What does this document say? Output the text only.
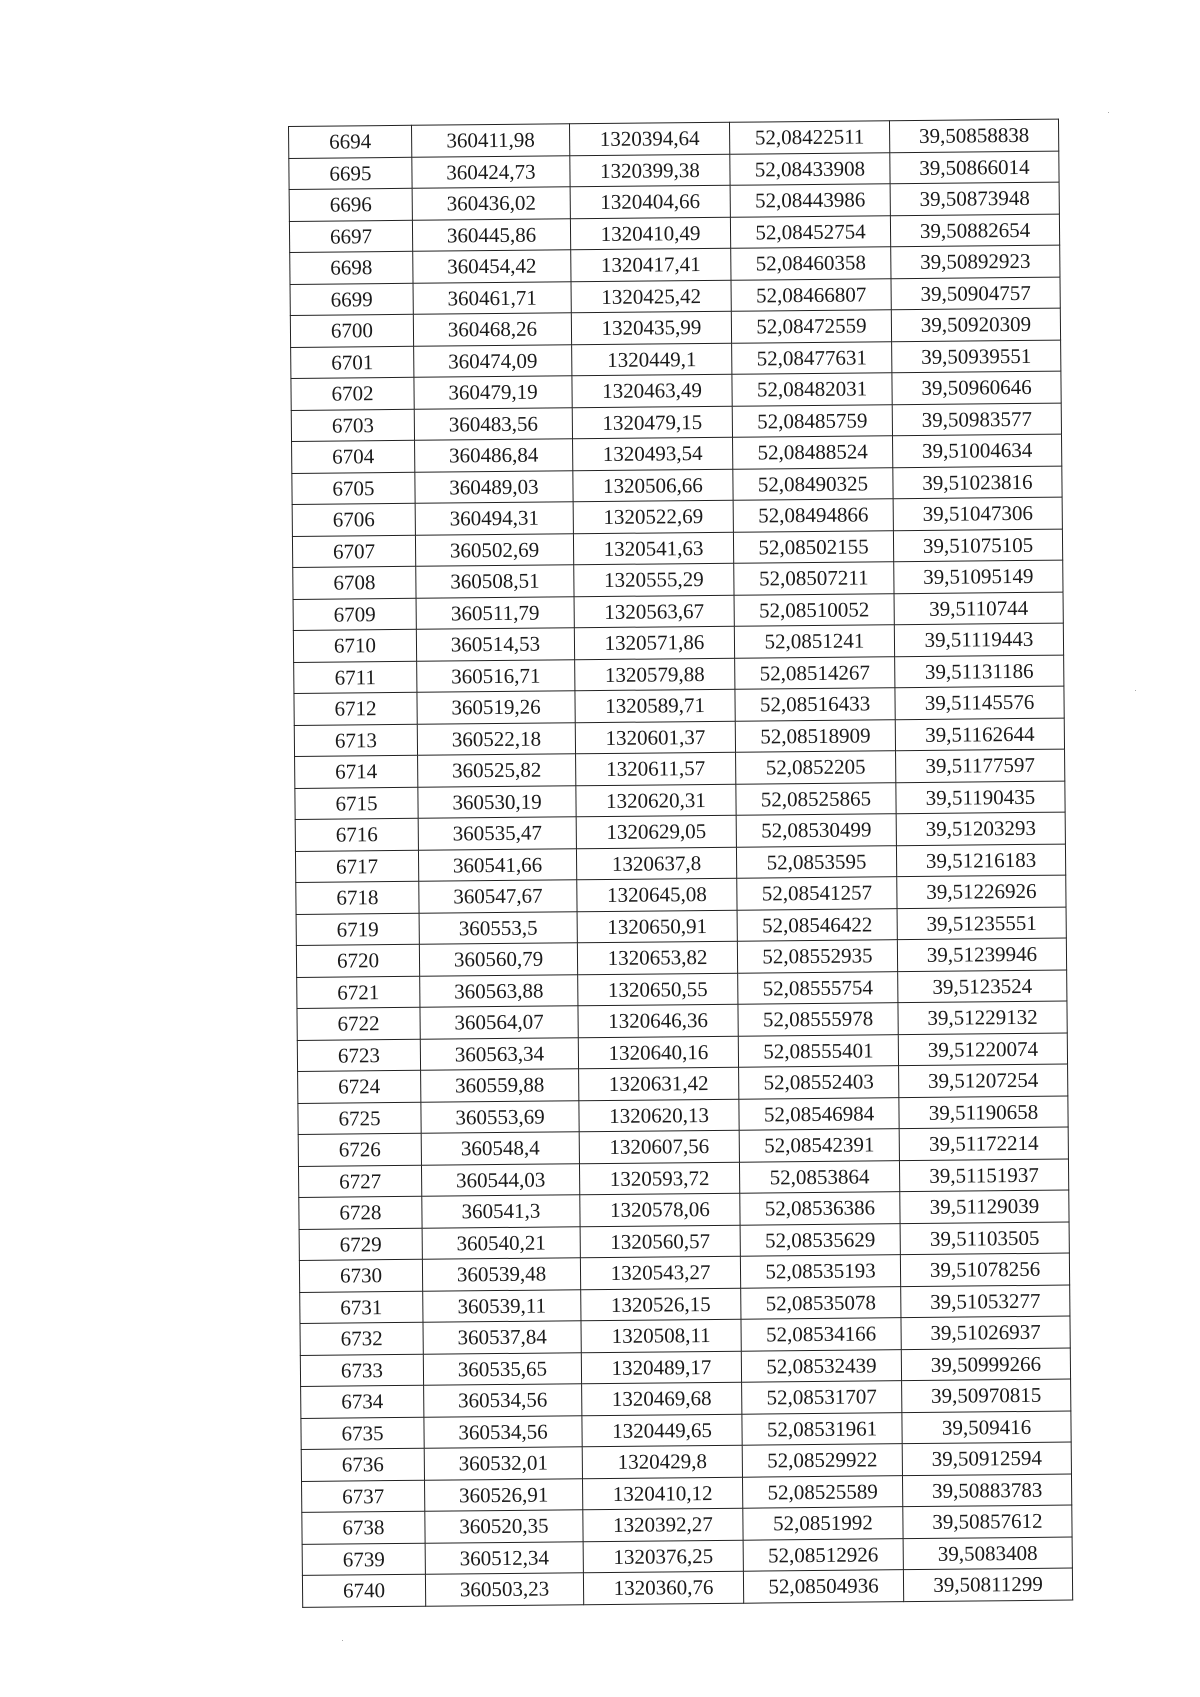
6694	360411,98	1320394,64	52,08422511	39,50858838
6695	360424,73	1320399,38	52,08433908	39,50866014
6696	360436,02	1320404,66	52,08443986	39,50873948
6697	360445,86	1320410,49	52,08452754	39,50882654
6698	360454,42	1320417,41	52,08460358	39,50892923
6699	360461,71	1320425,42	52,08466807	39,50904757
6700	360468,26	1320435,99	52,08472559	39,50920309
6701	360474,09	1320449,1	52,08477631	39,50939551
6702	360479,19	1320463,49	52,08482031	39,50960646
6703	360483,56	1320479,15	52,08485759	39,50983577
6704	360486,84	1320493,54	52,08488524	39,51004634
6705	360489,03	1320506,66	52,08490325	39,51023816
6706	360494,31	1320522,69	52,08494866	39,51047306
6707	360502,69	1320541,63	52,08502155	39,51075105
6708	360508,51	1320555,29	52,08507211	39,51095149
6709	360511,79	1320563,67	52,08510052	39,5110744
6710	360514,53	1320571,86	52,0851241	39,51119443
6711	360516,71	1320579,88	52,08514267	39,51131186
6712	360519,26	1320589,71	52,08516433	39,51145576
6713	360522,18	1320601,37	52,08518909	39,51162644
6714	360525,82	1320611,57	52,0852205	39,51177597
6715	360530,19	1320620,31	52,08525865	39,51190435
6716	360535,47	1320629,05	52,08530499	39,51203293
6717	360541,66	1320637,8	52,0853595	39,51216183
6718	360547,67	1320645,08	52,08541257	39,51226926
6719	360553,5	1320650,91	52,08546422	39,51235551
6720	360560,79	1320653,82	52,08552935	39,51239946
6721	360563,88	1320650,55	52,08555754	39,5123524
6722	360564,07	1320646,36	52,08555978	39,51229132
6723	360563,34	1320640,16	52,08555401	39,51220074
6724	360559,88	1320631,42	52,08552403	39,51207254
6725	360553,69	1320620,13	52,08546984	39,51190658
6726	360548,4	1320607,56	52,08542391	39,51172214
6727	360544,03	1320593,72	52,0853864	39,51151937
6728	360541,3	1320578,06	52,08536386	39,51129039
6729	360540,21	1320560,57	52,08535629	39,51103505
6730	360539,48	1320543,27	52,08535193	39,51078256
6731	360539,11	1320526,15	52,08535078	39,51053277
6732	360537,84	1320508,11	52,08534166	39,51026937
6733	360535,65	1320489,17	52,08532439	39,50999266
6734	360534,56	1320469,68	52,08531707	39,50970815
6735	360534,56	1320449,65	52,08531961	39,509416
6736	360532,01	1320429,8	52,08529922	39,50912594
6737	360526,91	1320410,12	52,08525589	39,50883783
6738	360520,35	1320392,27	52,0851992	39,50857612
6739	360512,34	1320376,25	52,08512926	39,5083408
6740	360503,23	1320360,76	52,08504936	39,50811299
